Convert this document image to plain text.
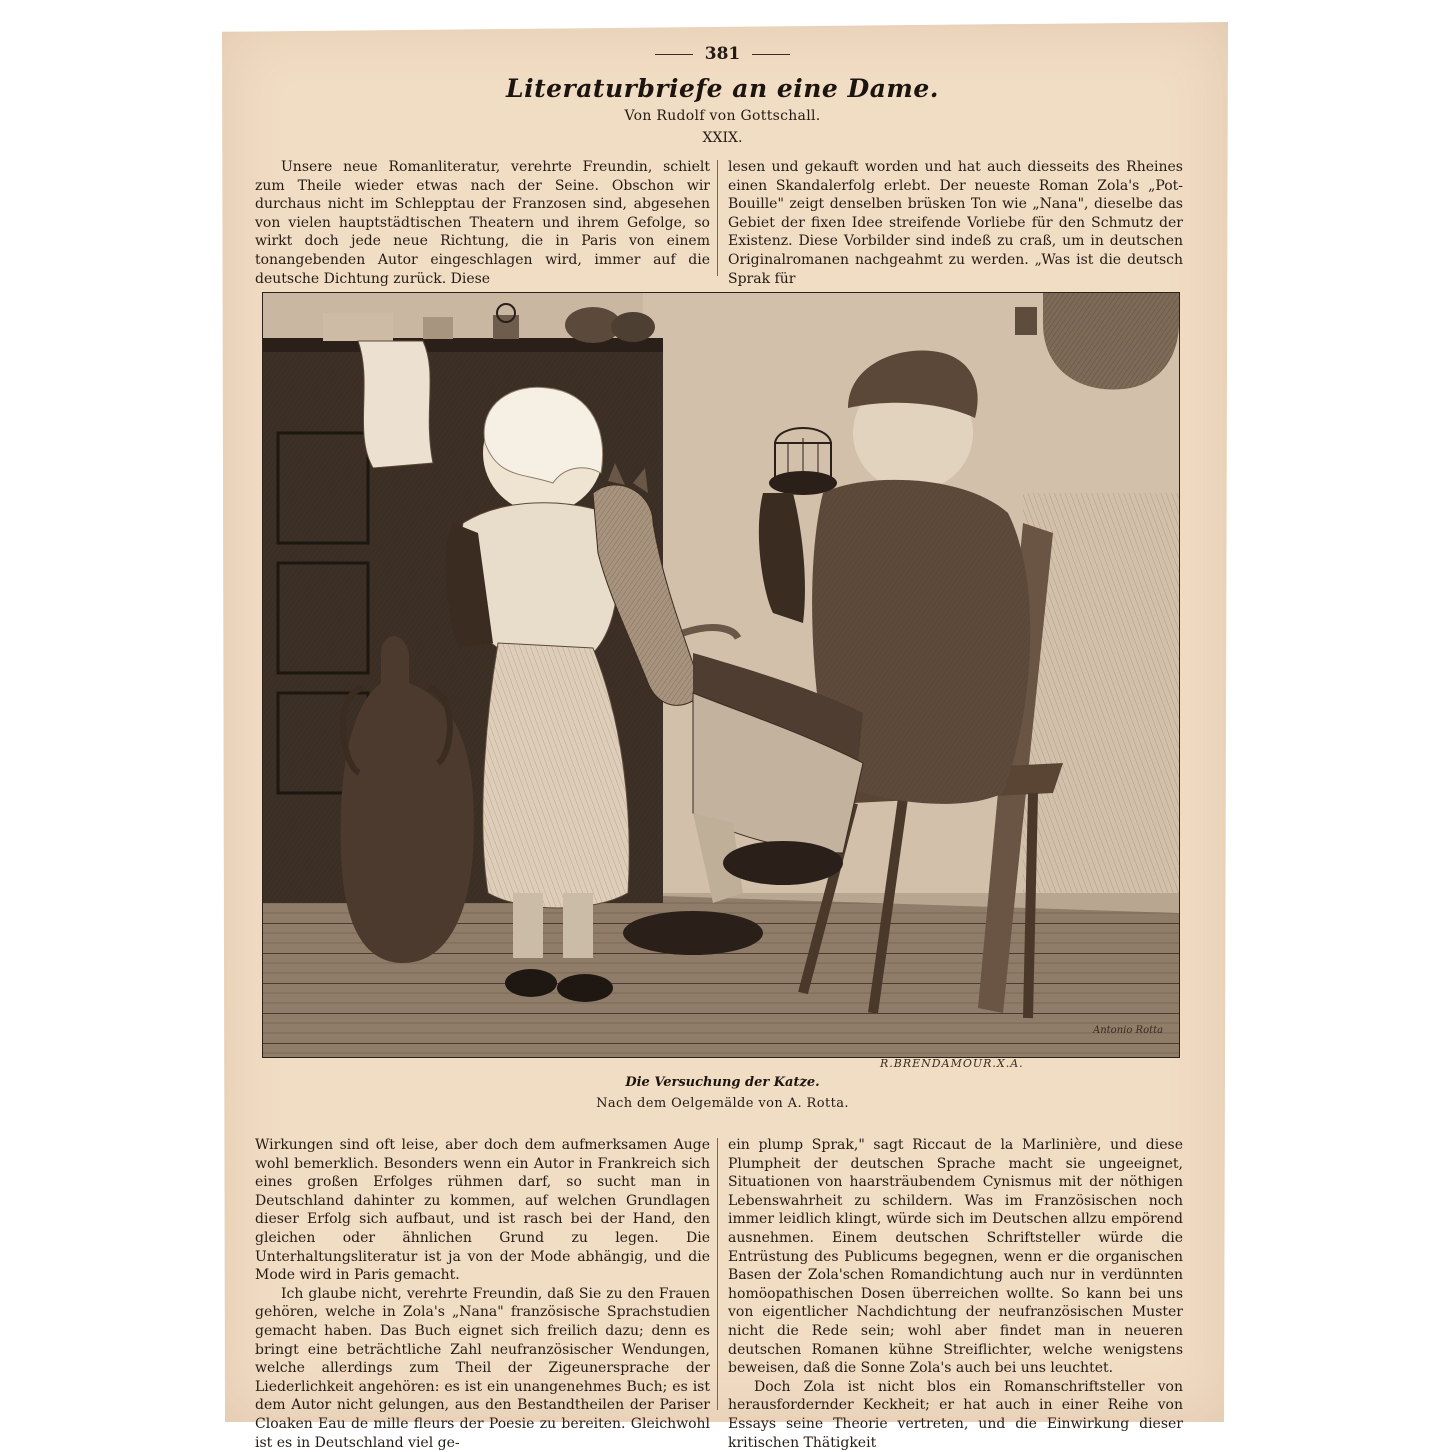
381
Literaturbriefe an eine Dame.
Von Rudolf von Gottschall.
XXIX.

Unsere neue Romanliteratur, verehrte Freundin, schielt zum Theile wieder etwas nach der Seine. Obschon wir durchaus nicht im Schlepptau der Franzosen sind, abgesehen von vielen hauptstädtischen Theatern und ihrem Gefolge, so wirkt doch jede neue Richtung, die in Paris von einem tonangebenden Autor eingeschlagen wird, immer auf die deutsche Dichtung zurück. Diese

lesen und gekauft worden und hat auch diesseits des Rheines einen Skandalerfolg erlebt. Der neueste Roman Zola's „Pot-Bouille" zeigt denselben brüsken Ton wie „Nana", dieselbe das Gebiet der fixen Idee streifende Vorliebe für den Schmutz der Existenz. Diese Vorbilder sind indeß zu craß, um in deutschen Originalromanen nachgeahmt zu werden. „Was ist die deutsch Sprak für

Antonio Rotta
R.BRENDAMOUR.X.A.
Die Versuchung der Katze.
Nach dem Oelgemälde von A. Rotta.

Wirkungen sind oft leise, aber doch dem aufmerksamen Auge wohl bemerklich. Besonders wenn ein Autor in Frankreich sich eines großen Erfolges rühmen darf, so sucht man in Deutschland dahinter zu kommen, auf welchen Grundlagen dieser Erfolg sich aufbaut, und ist rasch bei der Hand, den gleichen oder ähnlichen Grund zu legen. Die Unterhaltungsliteratur ist ja von der Mode abhängig, und die Mode wird in Paris gemacht.

Ich glaube nicht, verehrte Freundin, daß Sie zu den Frauen gehören, welche in Zola's „Nana" französische Sprachstudien gemacht haben. Das Buch eignet sich freilich dazu; denn es bringt eine beträchtliche Zahl neufranzösischer Wendungen, welche allerdings zum Theil der Zigeunersprache der Liederlichkeit angehören: es ist ein unangenehmes Buch; es ist dem Autor nicht gelungen, aus den Bestandtheilen der Pariser Cloaken Eau de mille fleurs der Poesie zu bereiten. Gleichwohl ist es in Deutschland viel ge-

ein plump Sprak," sagt Riccaut de la Marlinière, und diese Plumpheit der deutschen Sprache macht sie ungeeignet, Situationen von haarsträubendem Cynismus mit der nöthigen Lebenswahrheit zu schildern. Was im Französischen noch immer leidlich klingt, würde sich im Deutschen allzu empörend ausnehmen. Einem deutschen Schriftsteller würde die Entrüstung des Publicums begegnen, wenn er die organischen Basen der Zola'schen Romandichtung auch nur in verdünnten homöopathischen Dosen überreichen wollte. So kann bei uns von eigentlicher Nachdichtung der neufranzösischen Muster nicht die Rede sein; wohl aber findet man in neueren deutschen Romanen kühne Streiflichter, welche wenigstens beweisen, daß die Sonne Zola's auch bei uns leuchtet.

Doch Zola ist nicht blos ein Romanschriftsteller von herausfordernder Keckheit; er hat auch in einer Reihe von Essays seine Theorie vertreten, und die Einwirkung dieser kritischen Thätigkeit
